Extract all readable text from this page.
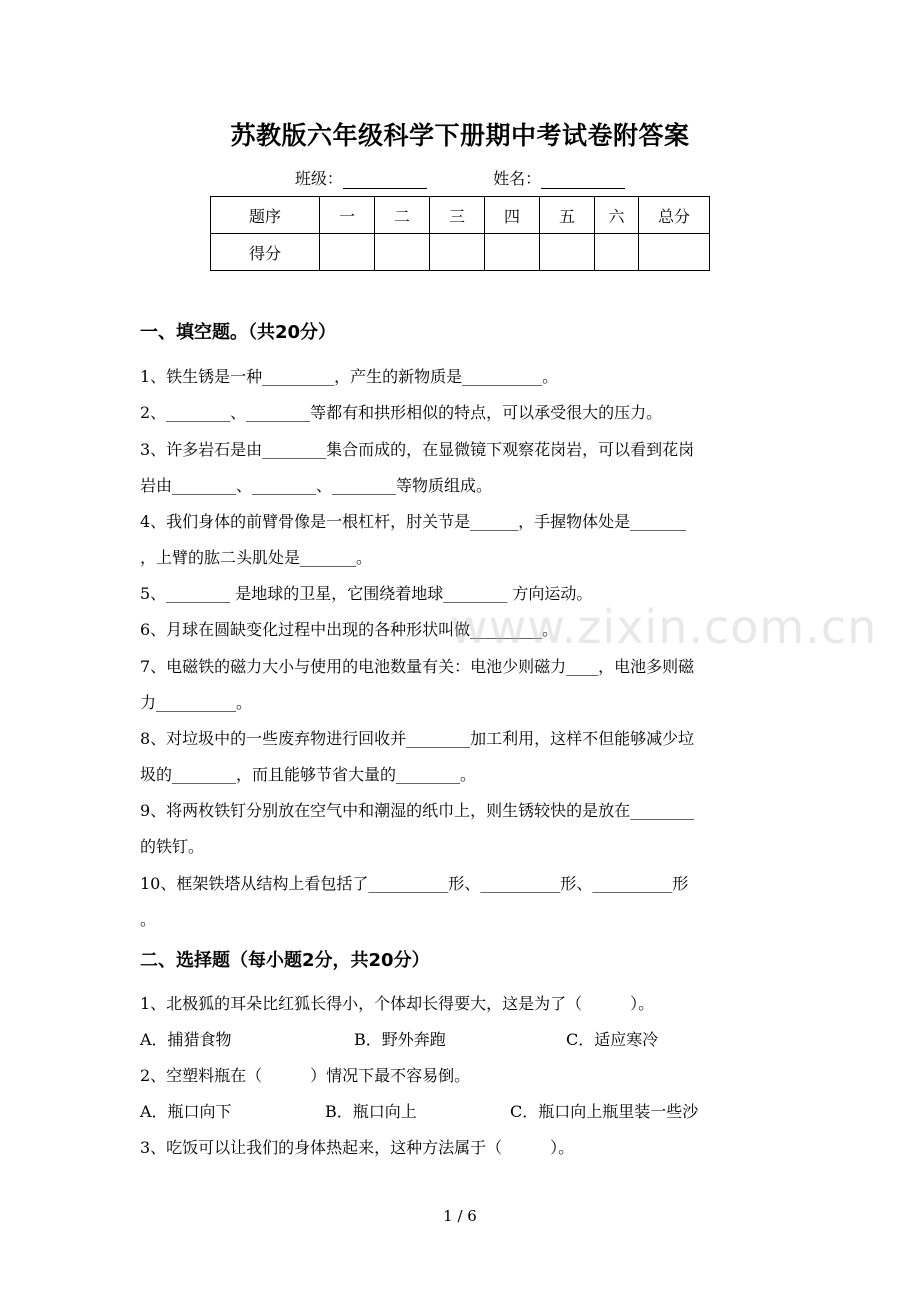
苏教版六年级科学下册期中考试卷附答案
班级：	姓名：
题序	一	二	三	四	五	六	总分
得分							
一、填空题。（共20分）
1、铁生锈是一种_________，产生的新物质是__________。
2、________、________等都有和拱形相似的特点，可以承受很大的压力。
3、许多岩石是由________集合而成的，在显微镜下观察花岗岩，可以看到花岗
岩由________、________、________等物质组成。
4、我们身体的前臂骨像是一根杠杆，肘关节是______，手握物体处是_______
，上臂的肱二头肌处是_______。
5、________ 是地球的卫星，它围绕着地球________ 方向运动。
6、月球在圆缺变化过程中出现的各种形状叫做_________。
7、电磁铁的磁力大小与使用的电池数量有关：电池少则磁力____，电池多则磁
力__________。
8、对垃圾中的一些废弃物进行回收并________加工利用，这样不但能够减少垃
圾的________，而且能够节省大量的________。
9、将两枚铁钉分别放在空气中和潮湿的纸巾上，则生锈较快的是放在________
的铁钉。
10、框架铁塔从结构上看包括了__________形、__________形、__________形
。
二、选择题（每小题2分，共20分）
1、北极狐的耳朵比红狐长得小，个体却长得要大，这是为了（　　　）。
A．捕猎食物	B．野外奔跑	C．适应寒冷
2、空塑料瓶在（　　　）情况下最不容易倒。
A．瓶口向下	B．瓶口向上	C．瓶口向上瓶里装一些沙
3、吃饭可以让我们的身体热起来，这种方法属于（　　　）。
www.zixin.com.cn
1 / 6
